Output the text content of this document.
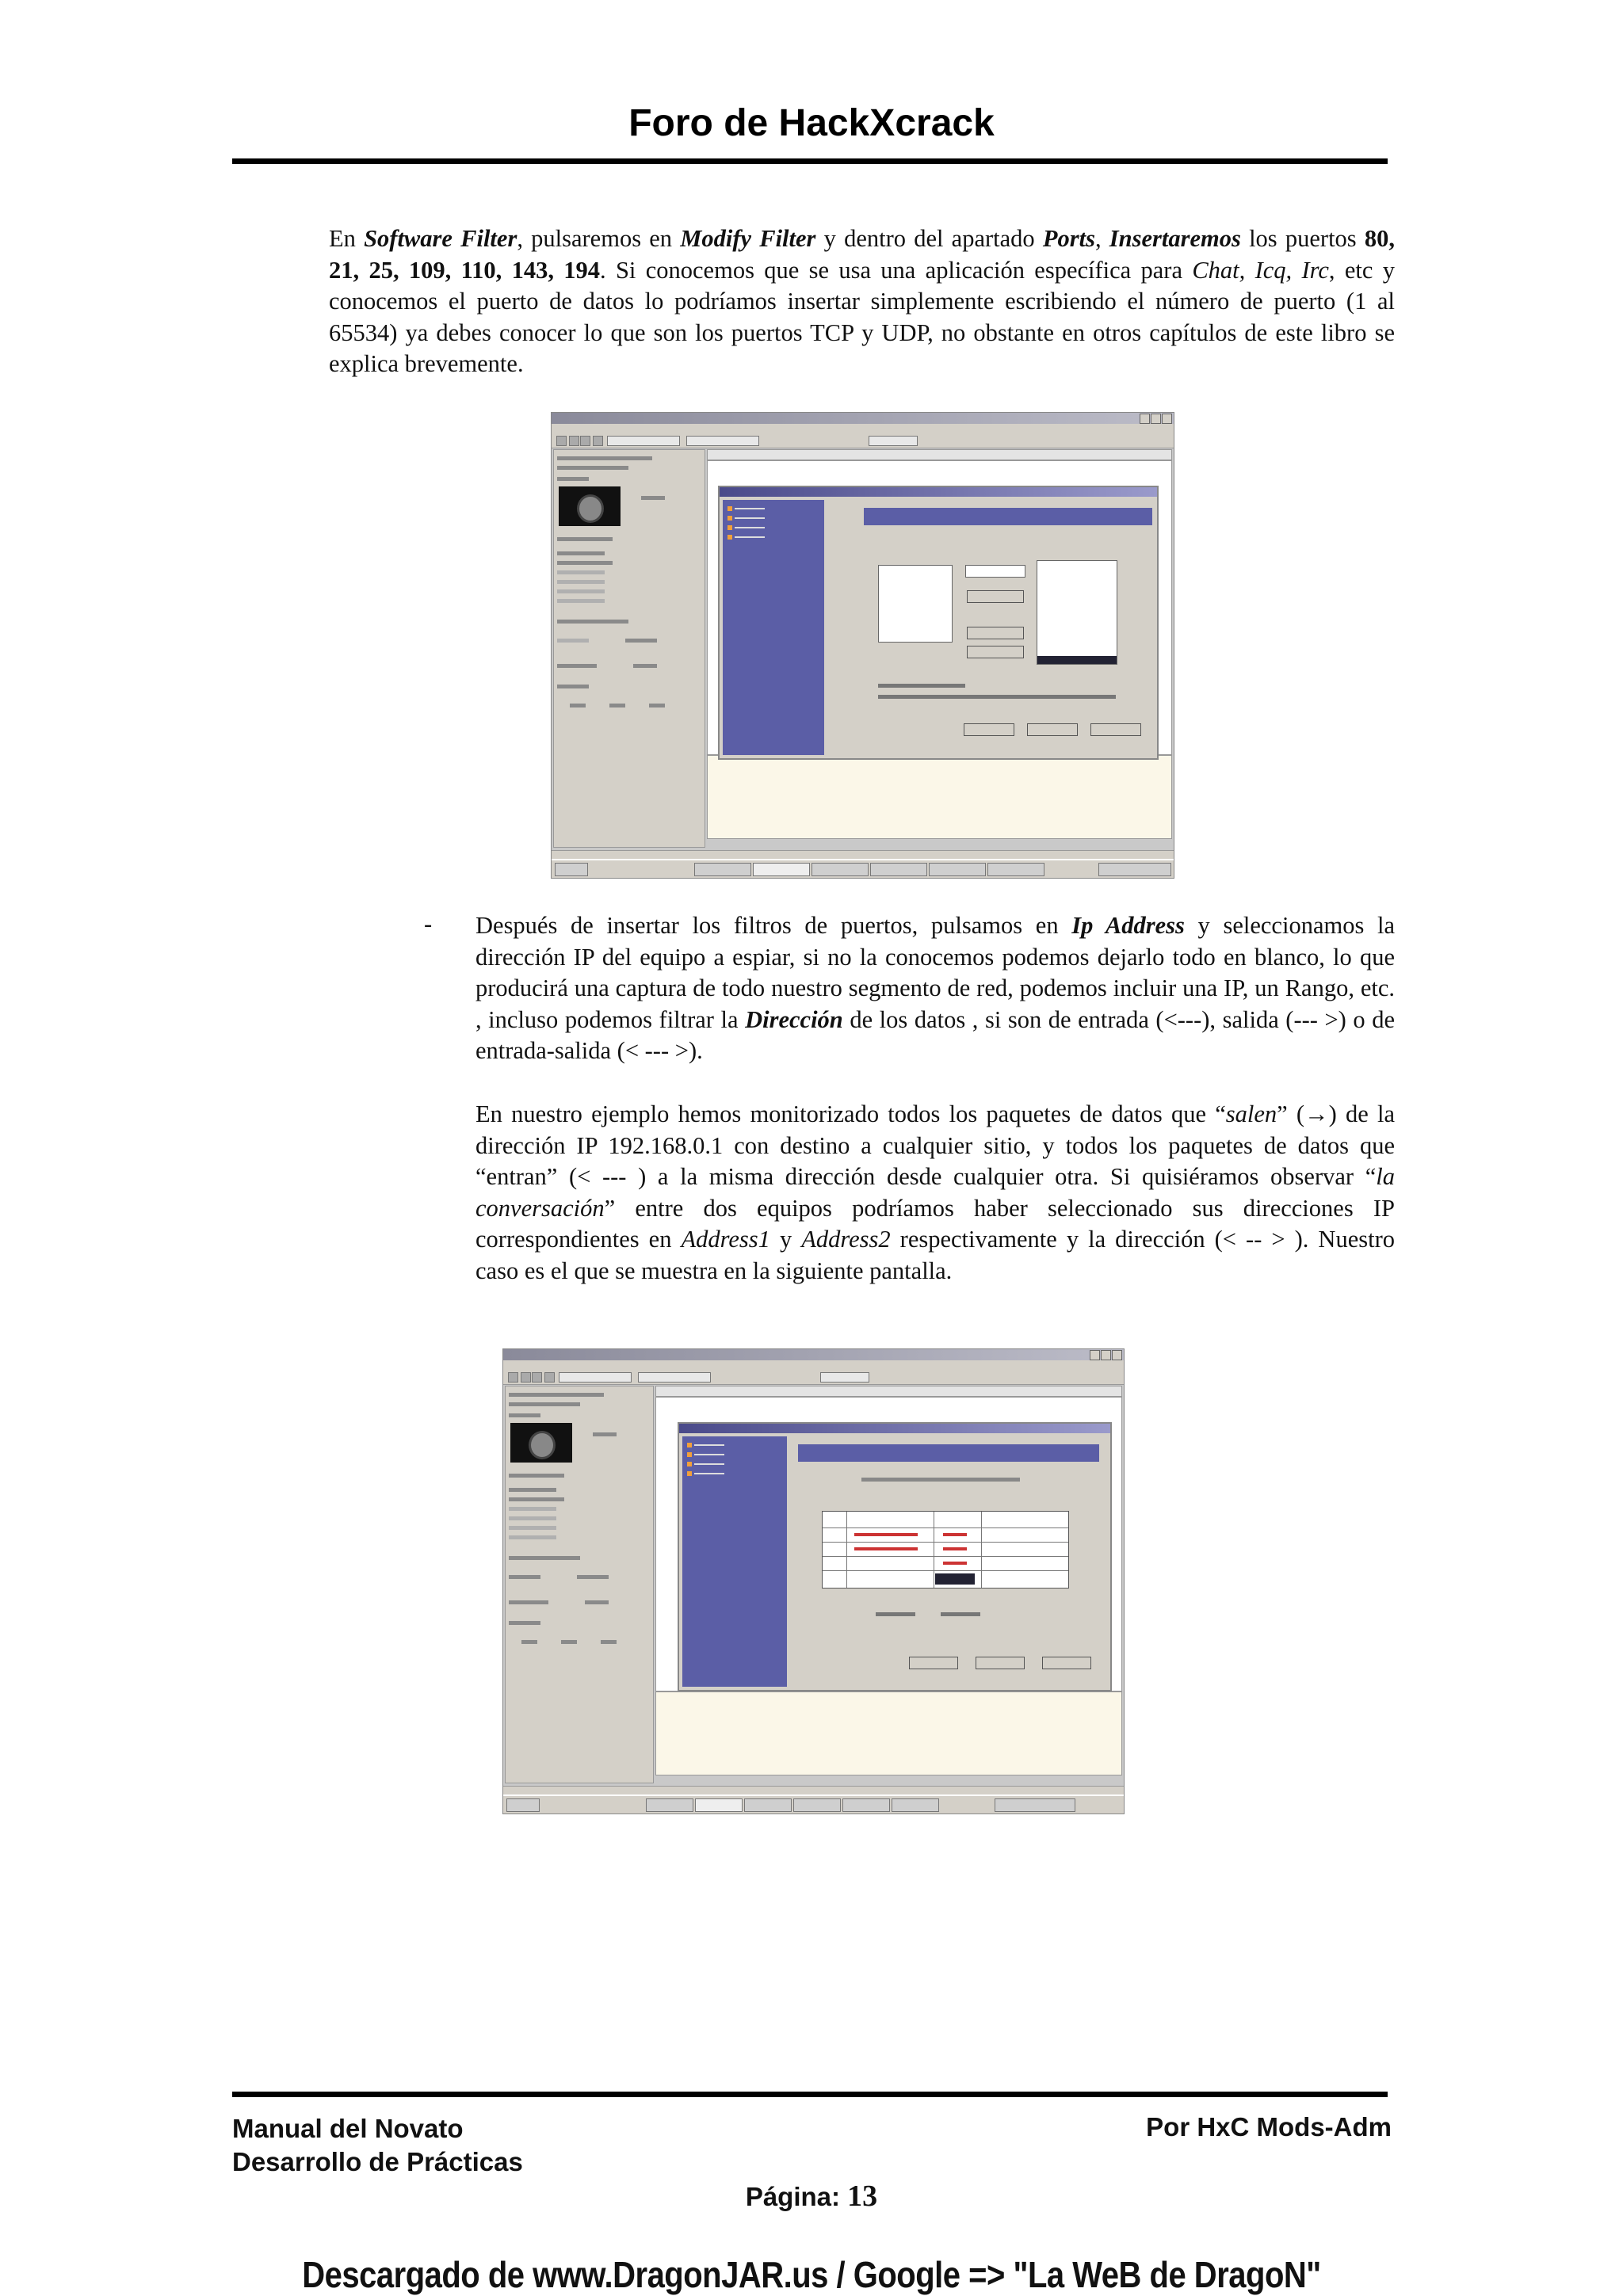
Foro de HackXcrack
En Software Filter, pulsaremos en Modify Filter y dentro del apartado Ports, Insertaremos los puertos 80, 21, 25, 109, 110, 143, 194. Si conocemos que se usa una aplicación específica para Chat, Icq, Irc, etc y conocemos el puerto de datos lo podríamos insertar simplemente escribiendo el número de puerto (1 al 65534) ya debes conocer lo que son los puertos TCP y UDP, no obstante en otros capítulos de este libro se explica brevemente.
- Después de insertar los filtros de puertos, pulsamos en Ip Address y seleccionamos la dirección IP del equipo a espiar, si no la conocemos podemos dejarlo todo en blanco, lo que producirá una captura de todo nuestro segmento de red, podemos incluir una IP, un Rango, etc. , incluso podemos filtrar la Dirección de los datos , si son de entrada (<---), salida (--- >) o de entrada-salida (< --- >).
En nuestro ejemplo hemos monitorizado todos los paquetes de datos que “salen” (→) de la dirección IP 192.168.0.1 con destino a cualquier sitio, y todos los paquetes de datos que “entran” (< --- ) a la misma dirección desde cualquier otra. Si quisiéramos observar “la conversación” entre dos equipos podríamos haber seleccionado sus direcciones IP correspondientes en Address1 y Address2 respectivamente y la dirección (< -- > ). Nuestro caso es el que se muestra en la siguiente pantalla.
Manual del Novato
Desarrollo de Prácticas
Por HxC Mods-Adm
Página: 13
Descargado de www.DragonJAR.us / Google => "La WeB de DragoN"
